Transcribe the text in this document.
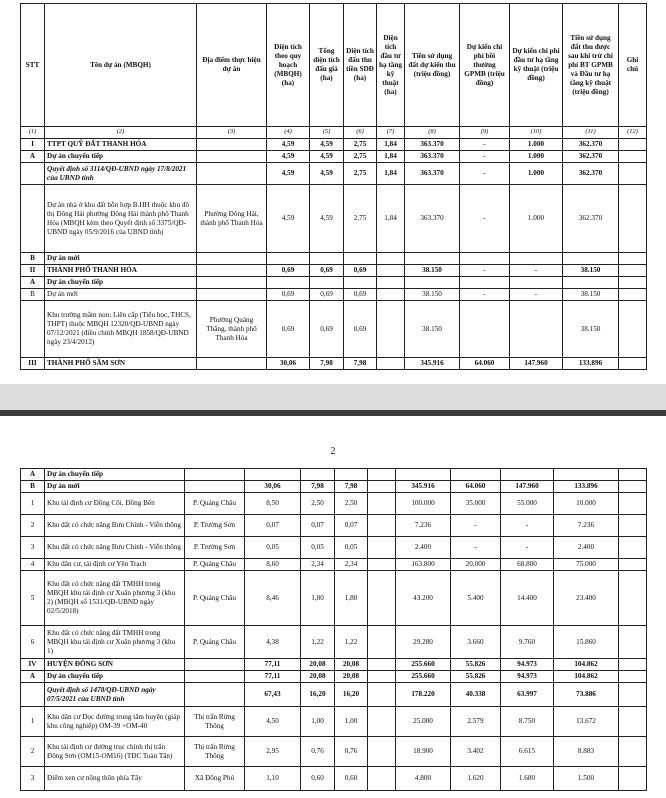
STT	Tên dự án (MBQH)	Địa điểm thực hiện dự án	Diện tích theo quy hoạch (MBQH) (ha)	Tổng diện tích đấu giá (ha)	Diện tích đấu thu tiền SDĐ (ha)	Diện tích đầu tư hạ tầng kỹ thuật (ha)	Tiền sử dụng đất dự kiến thu (triệu đồng)	Dự kiến chi phí bồi thường GPMB (triệu đồng)	Dự kiến chi phí đầu tư hạ tầng kỹ thuật (triệu đồng)	Tiền sử dụng đất thu được sau khi trừ chi phí BT GPMB và Đầu tư hạ tầng kỹ thuật (triệu đồng)	Ghi chú
(1)	(2)	(3)	(4)	(5)	(6)	(7)	(8)	(9)	(10)	(11)	(12)
I	TTPT QUỸ ĐẤT THANH HÓA		4,59	4,59	2,75	1,84	363.370	-	1.000	362.370	
A	Dự án chuyển tiếp		4,59	4,59	2,75	1,84	363.370	-	1.000	362.370	
	Quyết định số 3114/QĐ-UBND ngày 17/8/2021 của UBND tỉnh		4,59	4,59	2,75	1,84	363.370	-	1.000	362.370	
	Dự án nhà ở khu đất hỗn hợp B.HH thuộc khu đô thị Đông Hải phường Đông Hải thành phố Thanh Hóa (MBQH kèm theo Quyết định số 3375/QĐ-UBND ngày 05/9/2016 của UBND tỉnh)	Phường Đông Hải, thành phố Thanh Hóa	4,59	4,59	2,75	1,84	363.370	-	1.000	362.370	
B	Dự án mới										
II	THÀNH PHỐ THANH HÓA		0,69	0,69	0,69		38.150	-	-	38.150	
A	Dự án chuyển tiếp										
B	Dự án mới		0,69	0,69	0,69		38.150	-	-	38.150	
	Khu trường mầm non; Liên cấp (Tiểu học, THCS, THPT) thuộc MBQH 12320/QĐ-UBND ngày 07/12/2021 (điều chỉnh MBQH 1858/QĐ-UBND ngày 23/4/2012)	Phường Quảng Thắng, thành phố Thanh Hóa	0,69	0,69	0,69		38.150			38.150	
III	THÀNH PHỐ SẦM SƠN		30,06	7,98	7,98		345.916	64.060	147.960	133.896	
2
A	Dự án chuyển tiếp										
B	Dự án mới		30,06	7,98	7,98		345.916	64.060	147.960	133.896	
1	Khu tái định cư Đồng Côi, Đồng Bến	P. Quảng Châu	8,50	2,50	2,50		100.000	35.000	55.000	10.000	
2	Khu đất có chức năng Bưu Chính - Viễn thông	P. Trường Sơn	0,07	0,07	0,07		7.236	-	-	7.236	
3	Khu đất có chức năng Bưu Chính - Viễn thông	P. Trường Sơn	0,05	0,05	0,05		2.400	-	-	2.400	
4	Khu dân cư, tái định cư Yên Trạch	P. Quảng Châu	8,60	2,34	2,34		163.800	20.000	68.800	75.000	
5	Khu đất có chức năng đất TMHH trong MBQH khu tái định cư Xuân phương 3 (khu 2) (MBQH số 1531/QĐ-UBND ngày 02/5/2018)	P. Quảng Châu	8,46	1,80	1,80		43.200	5.400	14.400	23.400	
6	Khu đất có chức năng đất TMHH trong MBQH khu tái định cư Xuân phương 3 (khu 1)	P. Quảng Châu	4,38	1,22	1,22		29.280	3.660	9.760	15.860	
IV	HUYỆN ĐÔNG SƠN		77,11	20,08	20,08		255.660	55.826	94.973	104.862	
A	Dự án chuyển tiếp		77,11	20,08	20,08		255.660	55.826	94.973	104.862	
	Quyết định số 1478/QĐ-UBND ngày 07/5/2021 của UBND tỉnh		67,43	16,20	16,20		178.220	40.338	63.997	73.886	
1	Khu dân cư Dọc đường trung tâm huyện (giáp khu công nghiệp) OM-39 +OM-40	Thị trấn Rừng Thông	4,50	1,00	1,00		25.000	2.579	8.750	13.672	
2	Khu tái định cư đường trục chính thị trấn Đông Sơn (OM15-OM16) (TĐC Toàn Tân)	Thị trấn Rừng Thông	2,95	0,76	0,76		18.900	3.402	6.615	8.883	
3	Điểm xen cư nông thôn phía Tây	Xã Đông Phú	1,10	0,60	0,60		4.800	1.620	1.680	1.500	
